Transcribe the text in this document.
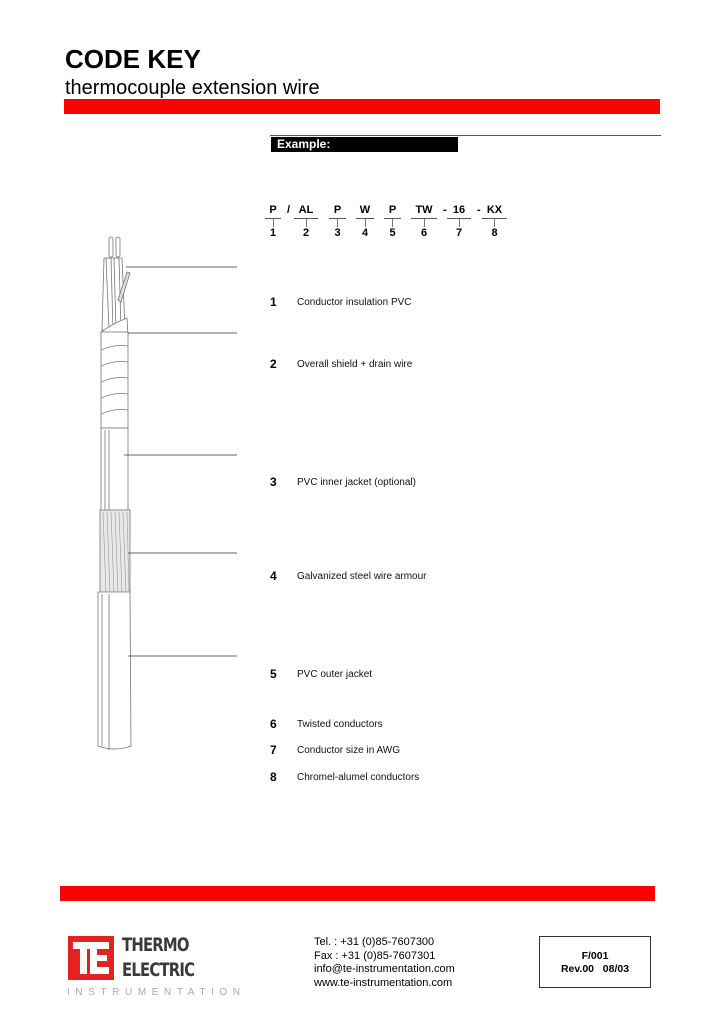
CODE KEY
thermocouple extension wire
Example:
P
1
/ AL
2
P
3
W
4
P
5
TW
6
- 16
7
- KX
8
1 Conductor insulation PVC
2 Overall shield + drain wire
3 PVC inner jacket (optional)
4 Galvanized steel wire armour
5 PVC outer jacket
6 Twisted conductors
7 Conductor size in AWG
8 Chromel-alumel conductors
THERMO
ELECTRIC
INSTRUMENTATION
Tel. : +31 (0)85-7607300
Fax : +31 (0)85-7607301
info@te-instrumentation.com
www.te-instrumentation.com
F/001
Rev.00   08/03
